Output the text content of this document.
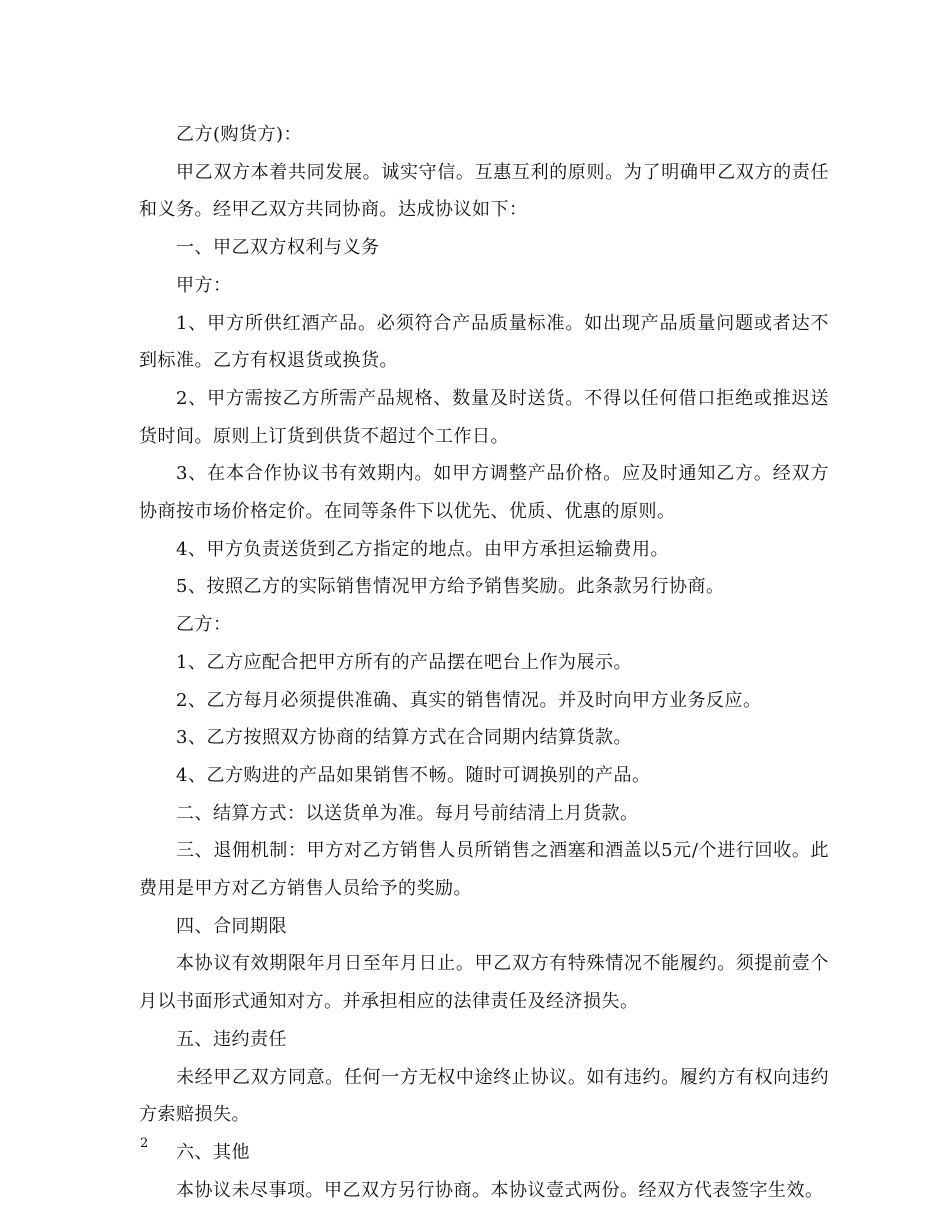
乙方(购货方)：

甲乙双方本着共同发展。诚实守信。互惠互利的原则。为了明确甲乙双方的责任和义务。经甲乙双方共同协商。达成协议如下：

一、甲乙双方权利与义务

甲方：

1、甲方所供红酒产品。必须符合产品质量标准。如出现产品质量问题或者达不到标准。乙方有权退货或换货。

2、甲方需按乙方所需产品规格、数量及时送货。不得以任何借口拒绝或推迟送货时间。原则上订货到供货不超过个工作日。

3、在本合作协议书有效期内。如甲方调整产品价格。应及时通知乙方。经双方协商按市场价格定价。在同等条件下以优先、优质、优惠的原则。

4、甲方负责送货到乙方指定的地点。由甲方承担运输费用。

5、按照乙方的实际销售情况甲方给予销售奖励。此条款另行协商。

乙方：

1、乙方应配合把甲方所有的产品摆在吧台上作为展示。

2、乙方每月必须提供准确、真实的销售情况。并及时向甲方业务反应。

3、乙方按照双方协商的结算方式在合同期内结算货款。

4、乙方购进的产品如果销售不畅。随时可调换别的产品。

二、结算方式：以送货单为准。每月号前结清上月货款。

三、退佣机制：甲方对乙方销售人员所销售之酒塞和酒盖以5元/个进行回收。此费用是甲方对乙方销售人员给予的奖励。

四、合同期限

本协议有效期限年月日至年月日止。甲乙双方有特殊情况不能履约。须提前壹个月以书面形式通知对方。并承担相应的法律责任及经济损失。

五、违约责任

未经甲乙双方同意。任何一方无权中途终止协议。如有违约。履约方有权向违约方索赔损失。

六、其他

本协议未尽事项。甲乙双方另行协商。本协议壹式两份。经双方代表签字生效。

2
